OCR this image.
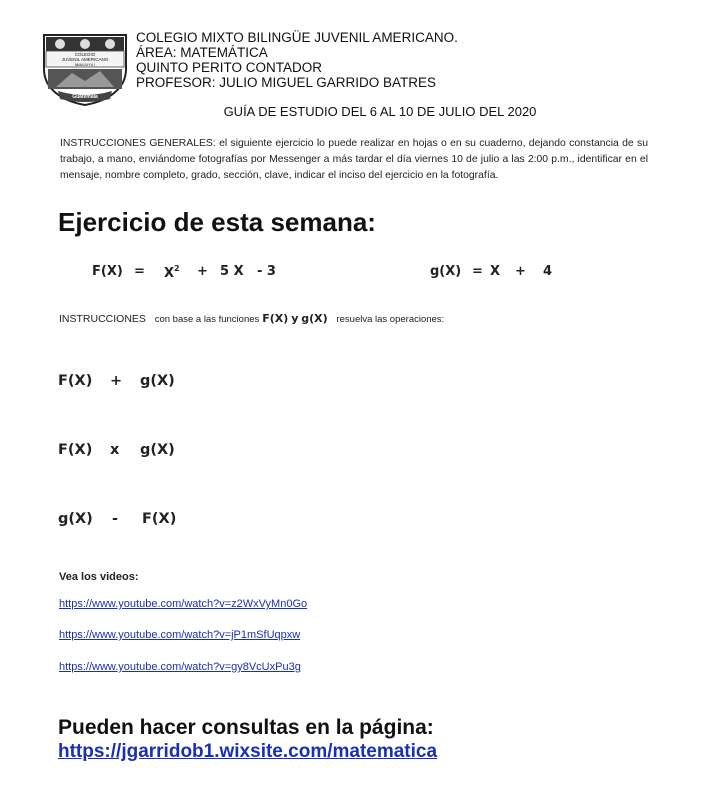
COLEGIO
JUVENIL AMERICANO
NIMAJUYU I
Guatemala
COLEGIO MIXTO BILINGÜE JUVENIL AMERICANO.
ÁREA: MATEMÁTICA
QUINTO PERITO CONTADOR
PROFESOR: JULIO MIGUEL GARRIDO BATRES
GUÍA DE ESTUDIO DEL 6 AL 10 DE JULIO DEL 2020
INSTRUCCIONES GENERALES: el siguiente ejercicio lo puede realizar en hojas o en su cuaderno, dejando constancia de su trabajo, a mano, enviándome fotografías por Messenger a más tardar el día viernes 10 de julio a las 2:00 p.m., identificar en el mensaje, nombre completo, grado, sección, clave, indicar el inciso del ejercicio en la fotografía.
Ejercicio de esta semana:
$F(X) = X^2 + 5$ X - 3	g(X) = X + 4
INSTRUCCIONES con base a las funciones F(X) y g(X) resuelva las operaciones:
F(X) + g(X)
F(X) x g(X)
g(X) - F(X)
Vea los videos:
https://www.youtube.com/watch?v=z2WxVyMn0Go
https://www.youtube.com/watch?v=jP1mSfUqpxw
https://www.youtube.com/watch?v=gy8VcUxPu3g
Pueden hacer consultas en la página:
https://jgarridob1.wixsite.com/matematica
